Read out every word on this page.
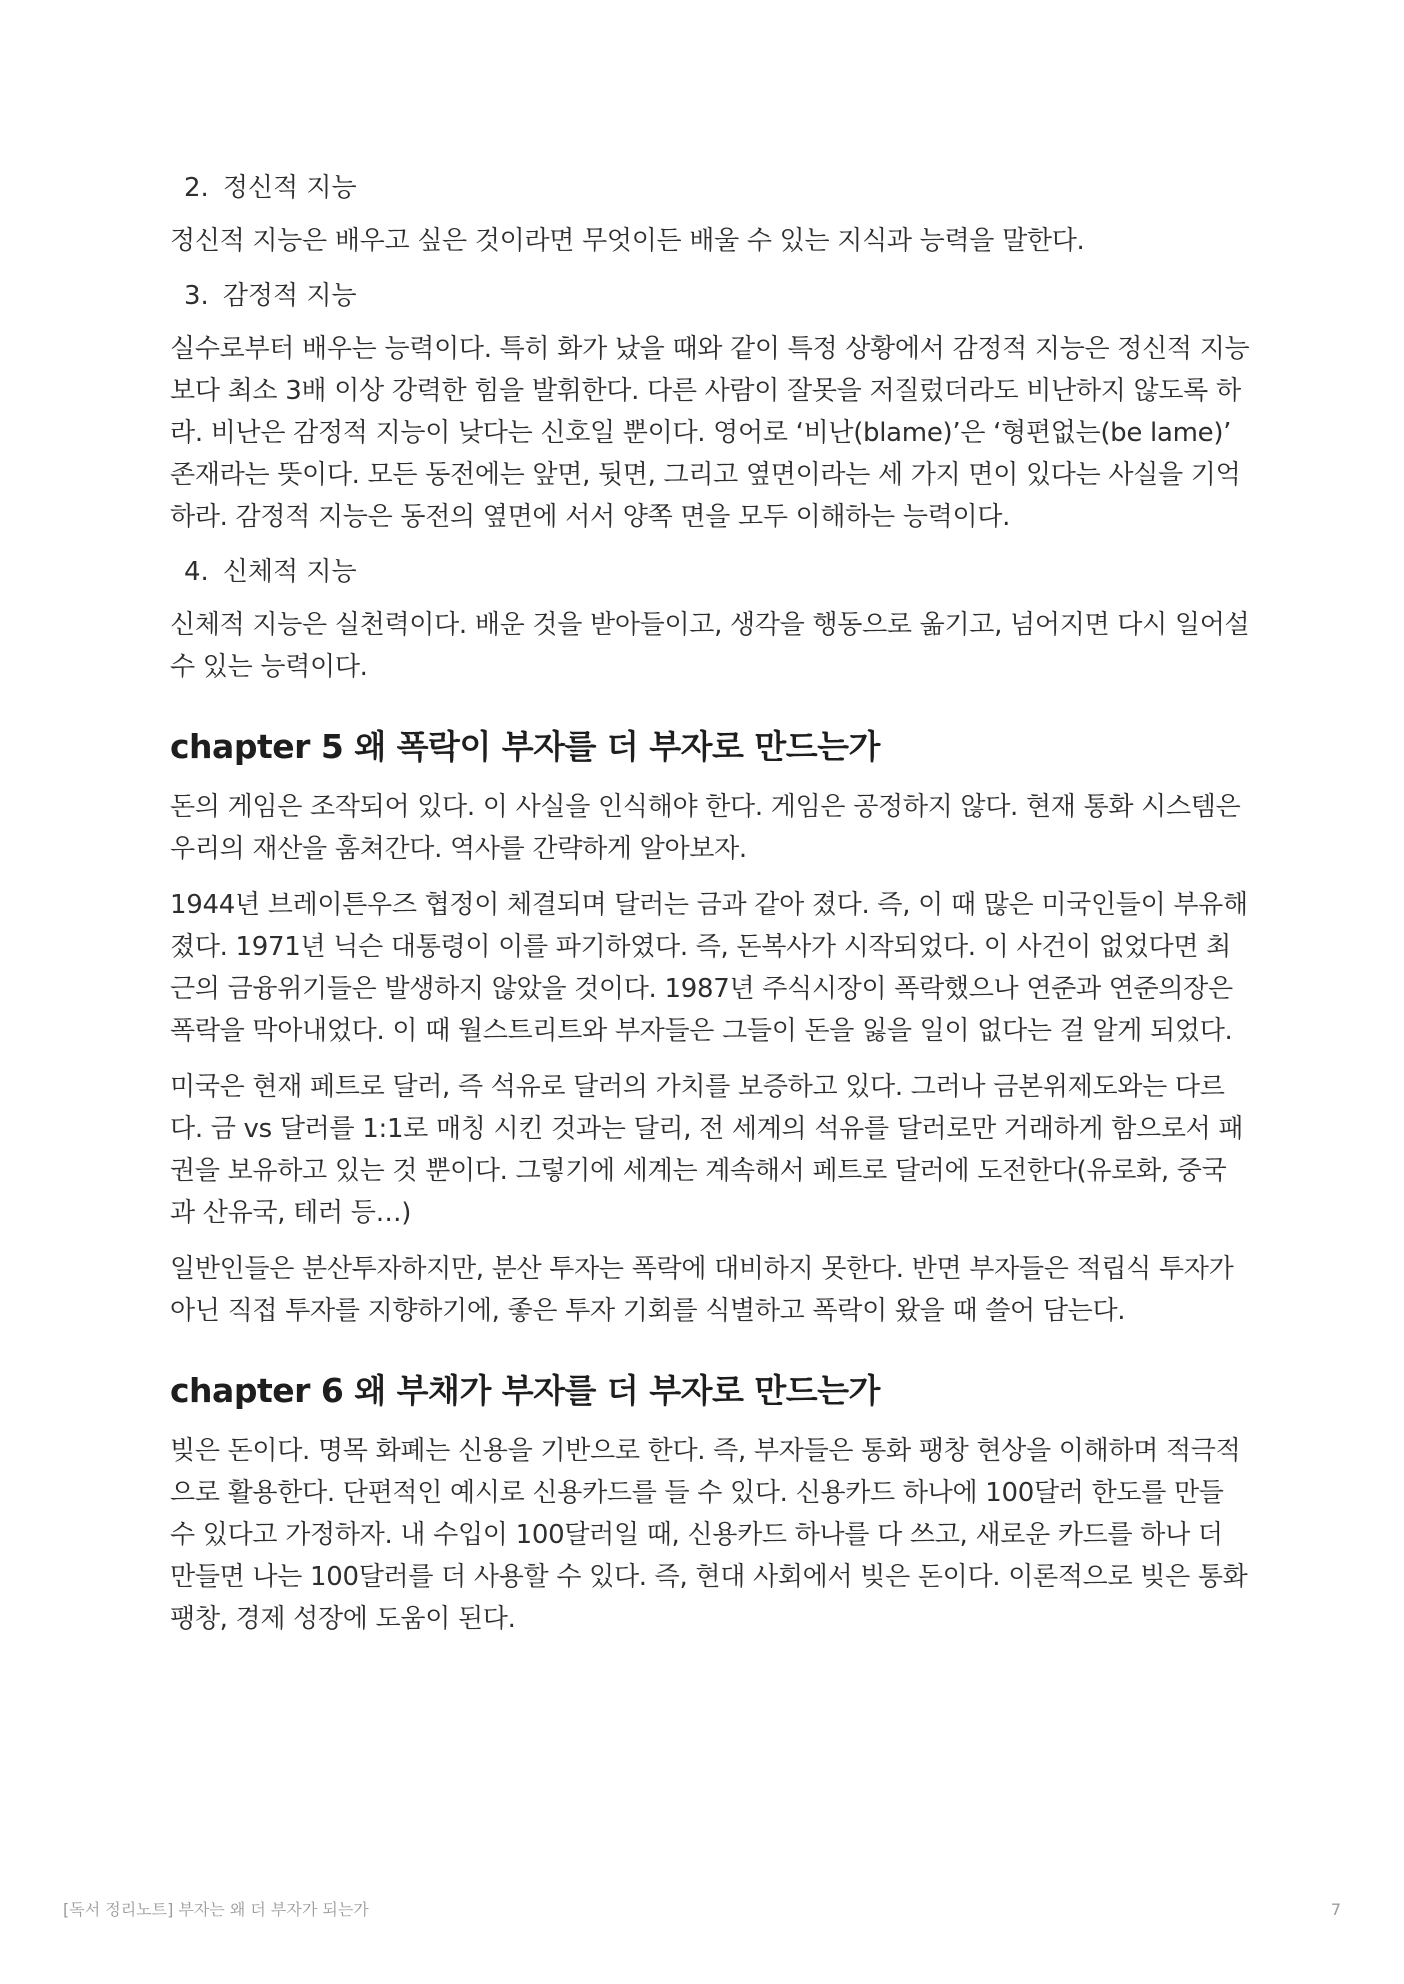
2. 정신적 지능

정신적 지능은 배우고 싶은 것이라면 무엇이든 배울 수 있는 지식과 능력을 말한다.

3. 감정적 지능

실수로부터 배우는 능력이다. 특히 화가 났을 때와 같이 특정 상황에서 감정적 지능은 정신적 지능보다 최소 3배 이상 강력한 힘을 발휘한다. 다른 사람이 잘못을 저질렀더라도 비난하지 않도록 하라. 비난은 감정적 지능이 낮다는 신호일 뿐이다. 영어로 ‘비난(blame)’은 ‘형편없는(be lame)’ 존재라는 뜻이다. 모든 동전에는 앞면, 뒷면, 그리고 옆면이라는 세 가지 면이 있다는 사실을 기억하라. 감정적 지능은 동전의 옆면에 서서 양쪽 면을 모두 이해하는 능력이다.

4. 신체적 지능

신체적 지능은 실천력이다. 배운 것을 받아들이고, 생각을 행동으로 옮기고, 넘어지면 다시 일어설 수 있는 능력이다.

chapter 5 왜 폭락이 부자를 더 부자로 만드는가

돈의 게임은 조작되어 있다. 이 사실을 인식해야 한다. 게임은 공정하지 않다. 현재 통화 시스템은 우리의 재산을 훔쳐간다. 역사를 간략하게 알아보자.

1944년 브레이튼우즈 협정이 체결되며 달러는 금과 같아 졌다. 즉, 이 때 많은 미국인들이 부유해졌다. 1971년 닉슨 대통령이 이를 파기하였다. 즉, 돈복사가 시작되었다. 이 사건이 없었다면 최근의 금융위기들은 발생하지 않았을 것이다. 1987년 주식시장이 폭락했으나 연준과 연준의장은 폭락을 막아내었다. 이 때 월스트리트와 부자들은 그들이 돈을 잃을 일이 없다는 걸 알게 되었다.

미국은 현재 페트로 달러, 즉 석유로 달러의 가치를 보증하고 있다. 그러나 금본위제도와는 다르다. 금 vs 달러를 1:1로 매칭 시킨 것과는 달리, 전 세계의 석유를 달러로만 거래하게 함으로서 패권을 보유하고 있는 것 뿐이다. 그렇기에 세계는 계속해서 페트로 달러에 도전한다(유로화, 중국과 산유국, 테러 등…)

일반인들은 분산투자하지만, 분산 투자는 폭락에 대비하지 못한다. 반면 부자들은 적립식 투자가 아닌 직접 투자를 지향하기에, 좋은 투자 기회를 식별하고 폭락이 왔을 때 쓸어 담는다.

chapter 6 왜 부채가 부자를 더 부자로 만드는가

빚은 돈이다. 명목 화폐는 신용을 기반으로 한다. 즉, 부자들은 통화 팽창 현상을 이해하며 적극적으로 활용한다. 단편적인 예시로 신용카드를 들 수 있다. 신용카드 하나에 100달러 한도를 만들 수 있다고 가정하자. 내 수입이 100달러일 때, 신용카드 하나를 다 쓰고, 새로운 카드를 하나 더 만들면 나는 100달러를 더 사용할 수 있다. 즉, 현대 사회에서 빚은 돈이다. 이론적으로 빚은 통화 팽창, 경제 성장에 도움이 된다.

[독서 정리노트] 부자는 왜 더 부자가 되는가	7
